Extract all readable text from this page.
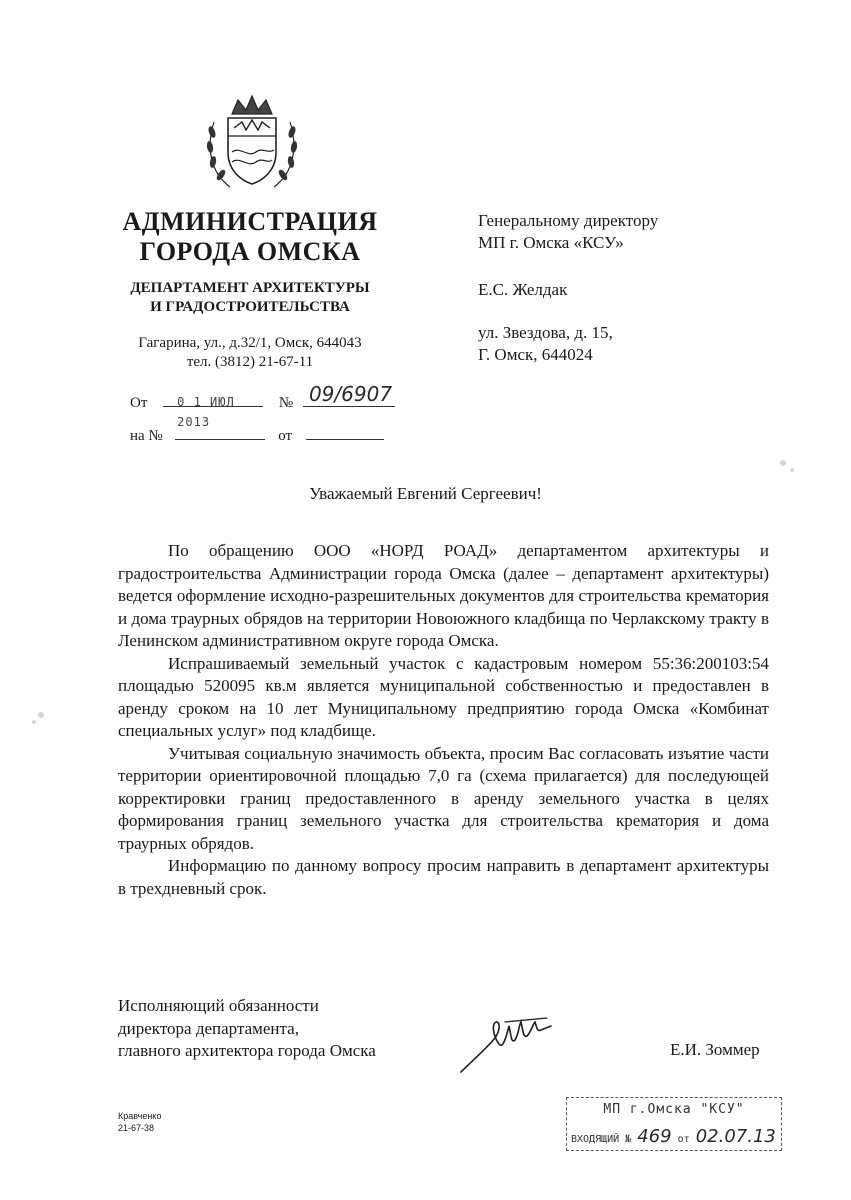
АДМИНИСТРАЦИЯ
ГОРОДА ОМСКА
ДЕПАРТАМЕНТ АРХИТЕКТУРЫ
И ГРАДОСТРОИТЕЛЬСТВА
Гагарина, ул., д.32/1, Омск, 644043
тел. (3812) 21-67-11
От 0 1 ИЮЛ 2013
№ 09/6907
на №	от
Генеральному директору
МП г. Омска «КСУ»
Е.С. Желдак
ул. Звездова, д. 15,
Г. Омск, 644024
Уважаемый Евгений Сергеевич!

По обращению ООО «НОРД РОАД» департаментом архитектуры и градостроительства Администрации города Омска (далее – департамент архитектуры) ведется оформление исходно-разрешительных документов для строительства крематория и дома траурных обрядов на территории Новоюжного кладбища по Черлакскому тракту в Ленинском административном округе города Омска.

Испрашиваемый земельный участок с кадастровым номером 55:36:200103:54 площадью 520095 кв.м является муниципальной собственностью и предоставлен в аренду сроком на 10 лет Муниципальному предприятию города Омска «Комбинат специальных услуг» под кладбище.

Учитывая социальную значимость объекта, просим Вас согласовать изъятие части территории ориентировочной площадью 7,0 га (схема прилагается) для последующей корректировки границ предоставленного в аренду земельного участка в целях формирования границ земельного участка для строительства крематория и дома траурных обрядов.

Информацию по данному вопросу просим направить в департамент архитектуры в трехдневный срок.

Исполняющий обязанности
директора департамента,
главного архитектора города Омска	Е.И. Зоммер
Кравченко
21-67-38
МП г.Омска "КСУ"
ВХОДЯЩИЙ № 469 от 02.07.13
